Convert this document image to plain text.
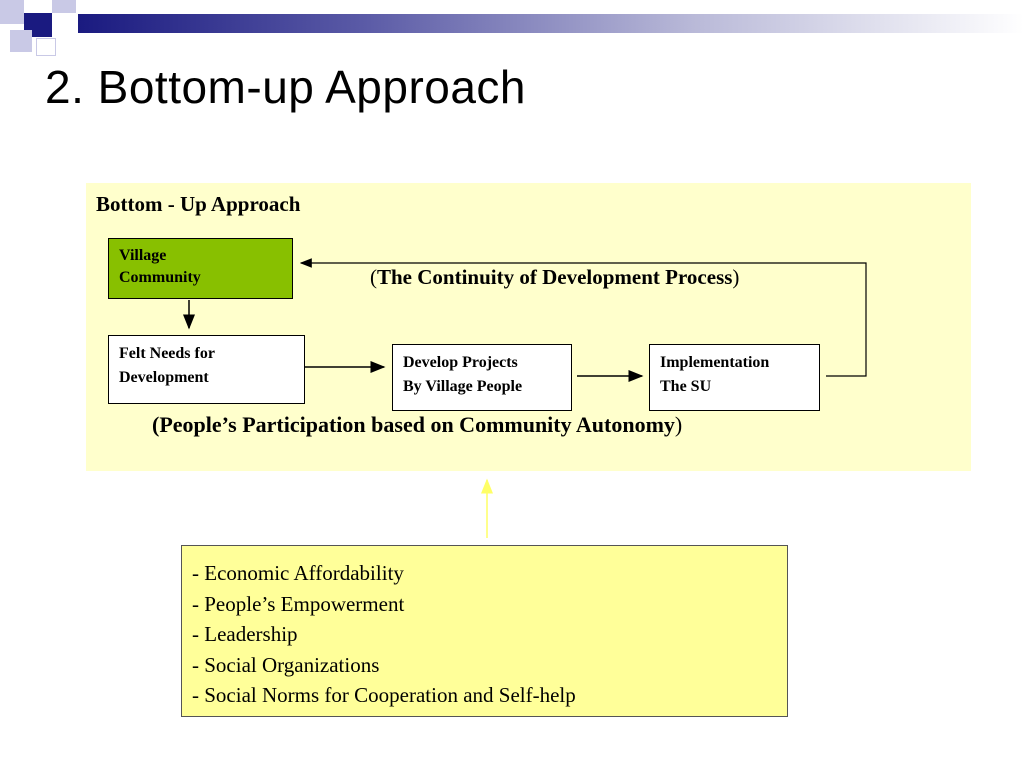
2. Bottom-up Approach
Bottom - Up Approach
Village
Community
Felt Needs for
Development
Develop Projects
By Village People
Implementation
The SU
(The Continuity of Development Process)
(People’s Participation based on Community Autonomy)
- Economic Affordability
- People’s Empowerment
- Leadership
- Social Organizations
- Social Norms for Cooperation and Self-help
